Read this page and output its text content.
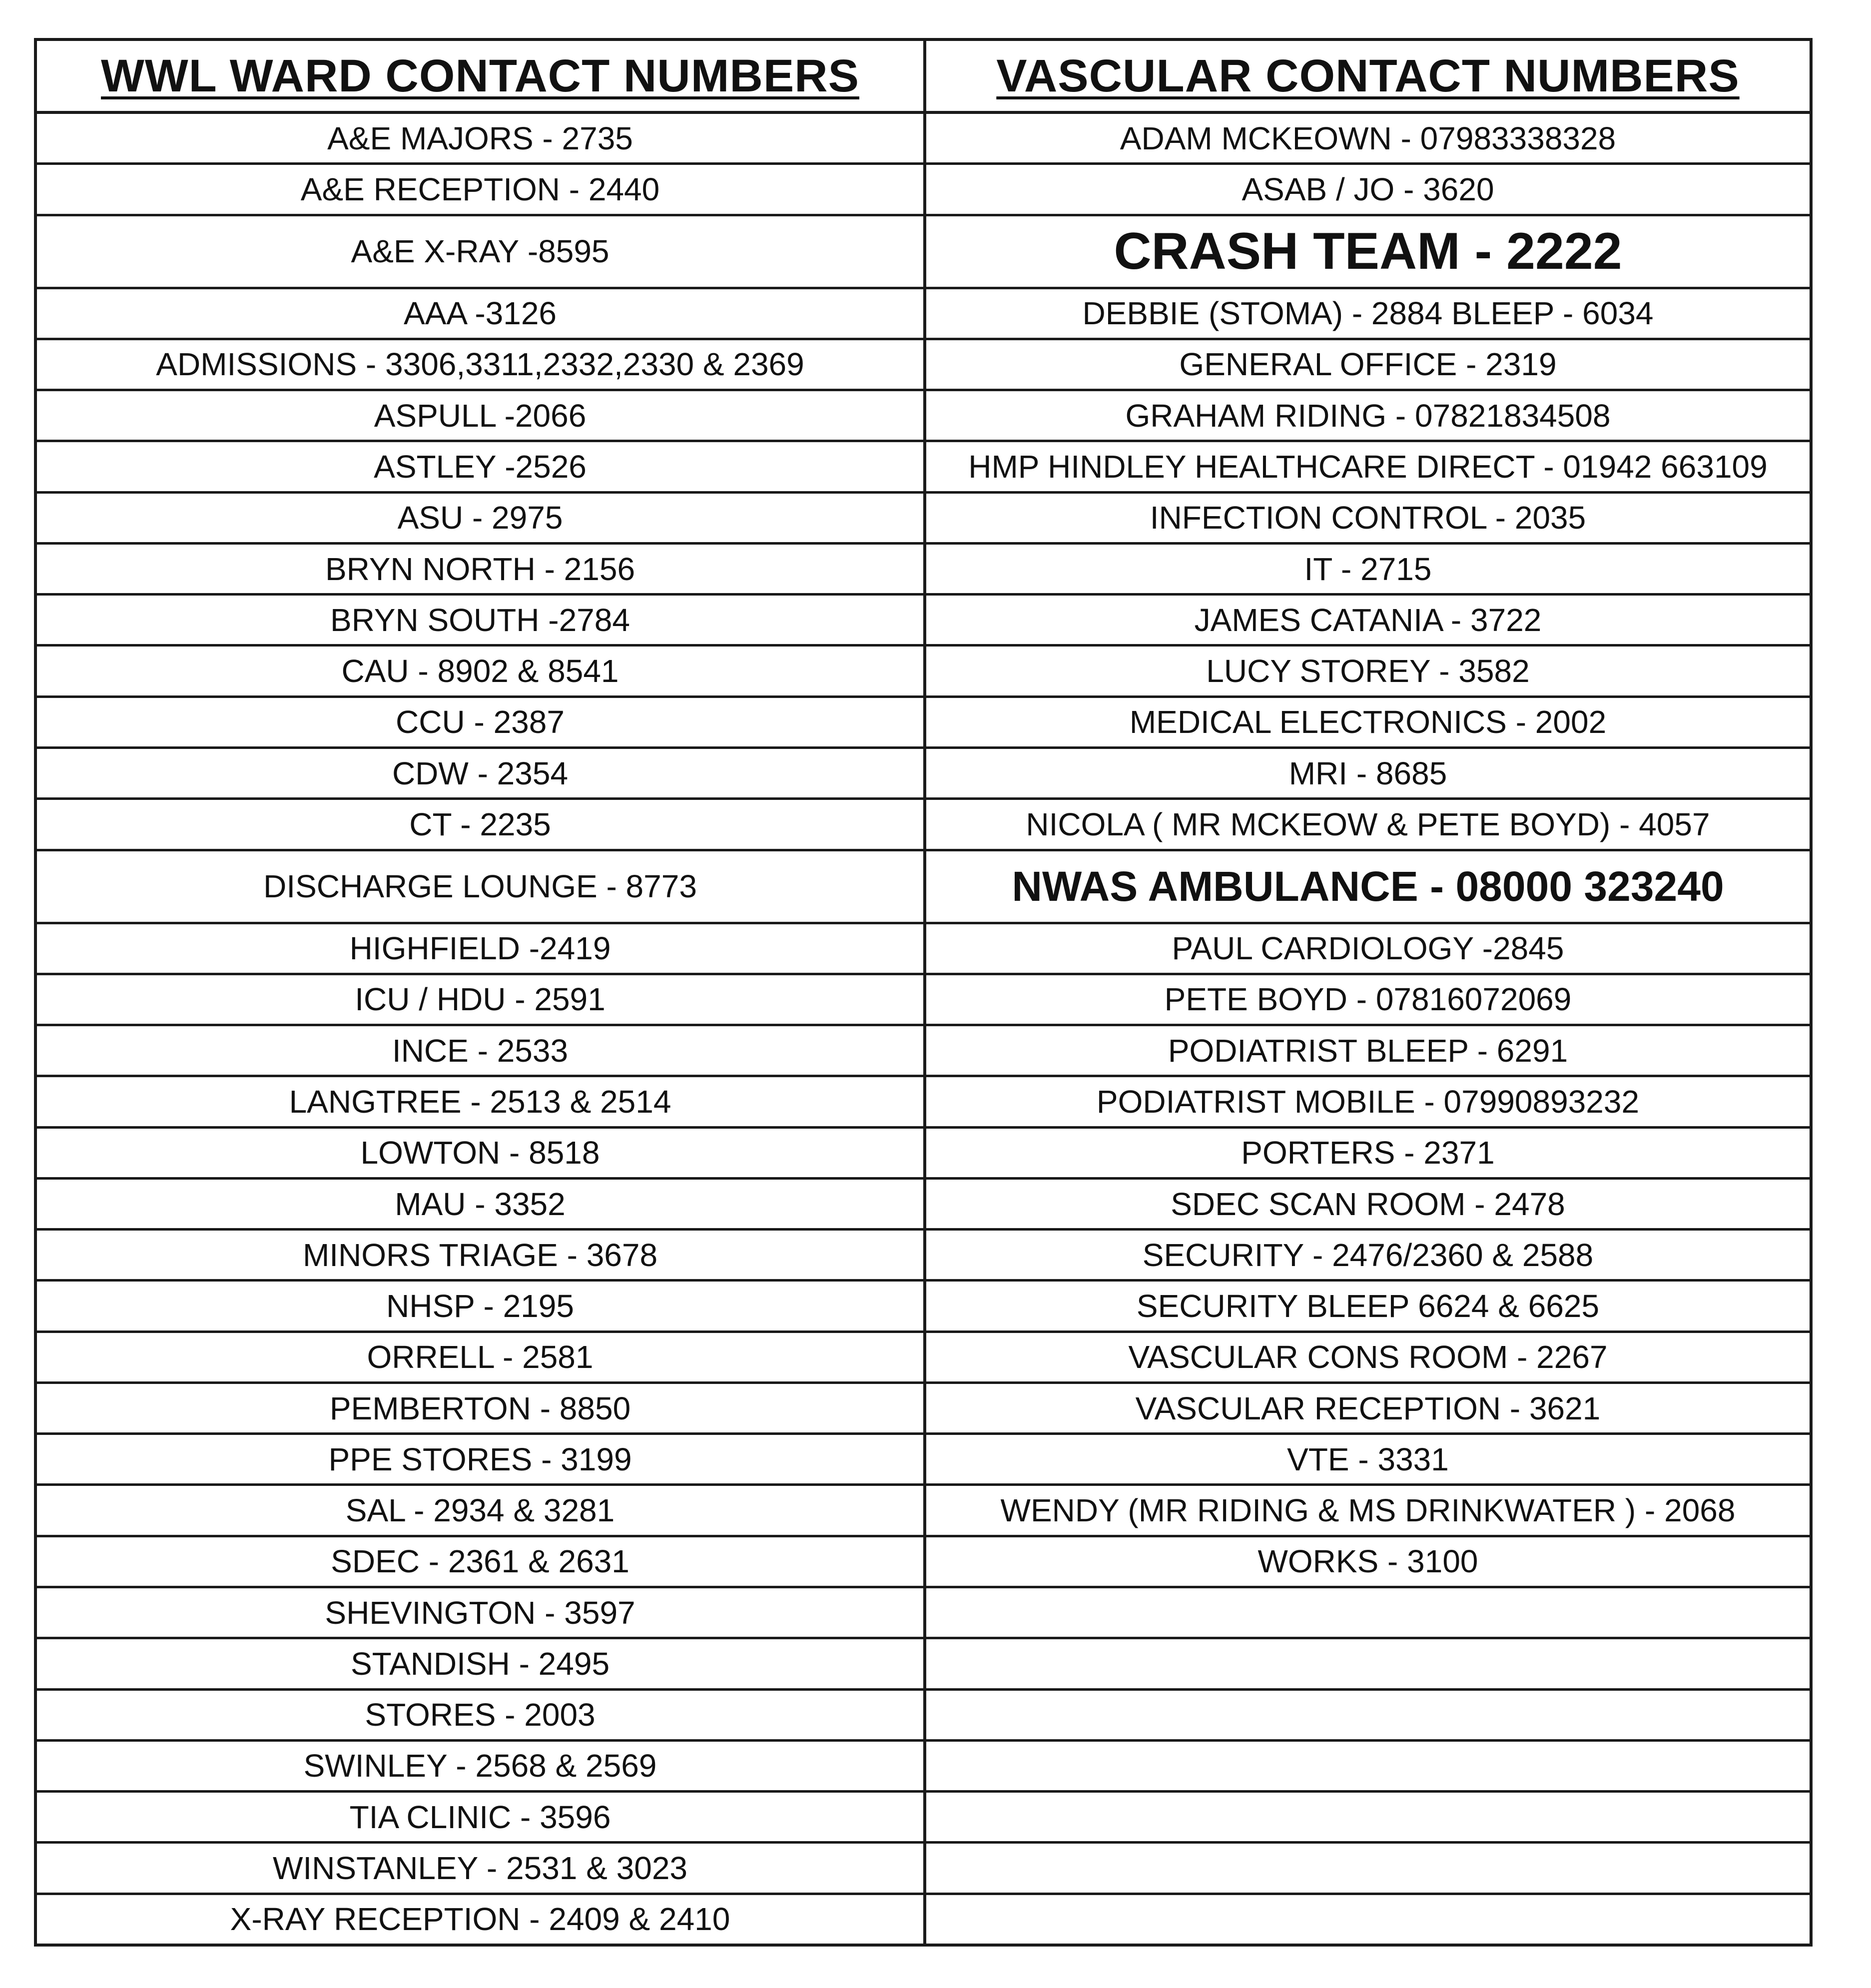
WWL WARD CONTACT NUMBERS
A&E MAJORS - 2735
A&E RECEPTION - 2440
A&E X-RAY -8595
AAA -3126
ADMISSIONS - 3306,3311,2332,2330 & 2369
ASPULL -2066
ASTLEY -2526
ASU - 2975
BRYN NORTH - 2156
BRYN SOUTH -2784
CAU - 8902 & 8541
CCU - 2387
CDW - 2354
CT - 2235
DISCHARGE LOUNGE - 8773
HIGHFIELD -2419
ICU / HDU - 2591
INCE - 2533
LANGTREE - 2513 & 2514
LOWTON - 8518
MAU - 3352
MINORS TRIAGE - 3678
NHSP - 2195
ORRELL - 2581
PEMBERTON - 8850
PPE STORES - 3199
SAL - 2934 & 3281
SDEC - 2361 & 2631
SHEVINGTON - 3597
STANDISH - 2495
STORES - 2003
SWINLEY - 2568 & 2569
TIA CLINIC - 3596
WINSTANLEY - 2531 & 3023
X-RAY RECEPTION - 2409 & 2410
VASCULAR CONTACT NUMBERS
ADAM MCKEOWN - 07983338328
ASAB / JO - 3620
CRASH TEAM - 2222
DEBBIE (STOMA) - 2884 BLEEP - 6034
GENERAL OFFICE - 2319
GRAHAM RIDING - 07821834508
HMP HINDLEY HEALTHCARE DIRECT - 01942 663109
INFECTION CONTROL - 2035
IT - 2715
JAMES CATANIA - 3722
LUCY STOREY - 3582
MEDICAL ELECTRONICS - 2002
MRI - 8685
NICOLA ( MR MCKEOW & PETE BOYD) - 4057
NWAS AMBULANCE - 08000 323240
PAUL CARDIOLOGY -2845
PETE BOYD - 07816072069
PODIATRIST BLEEP - 6291
PODIATRIST MOBILE - 07990893232
PORTERS - 2371
SDEC SCAN ROOM - 2478
SECURITY - 2476/2360 & 2588
SECURITY BLEEP 6624 & 6625
VASCULAR CONS ROOM - 2267
VASCULAR RECEPTION - 3621
VTE - 3331
WENDY (MR RIDING & MS DRINKWATER ) - 2068
WORKS - 3100
